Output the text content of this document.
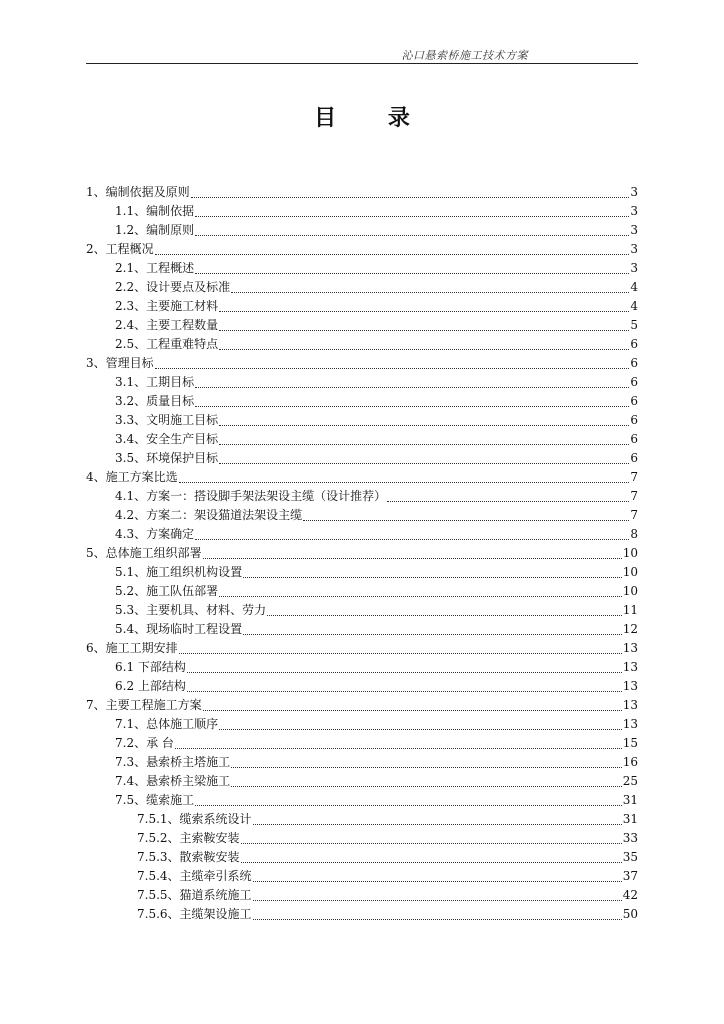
沁口悬索桥施工技术方案
目 录
1、编制依据及原则	3
1.1、编制依据	3
1.2、编制原则	3
2、工程概况	3
2.1、工程概述	3
2.2、设计要点及标准	4
2.3、主要施工材料	4
2.4、主要工程数量	5
2.5、工程重难特点	6
3、管理目标	6
3.1、工期目标	6
3.2、质量目标	6
3.3、文明施工目标	6
3.4、安全生产目标	6
3.5、环境保护目标	6
4、施工方案比选	7
4.1、方案一：搭设脚手架法架设主缆（设计推荐）	7
4.2、方案二：架设猫道法架设主缆	7
4.3、方案确定	8
5、总体施工组织部署	10
5.1、施工组织机构设置	10
5.2、施工队伍部署	10
5.3、主要机具、材料、劳力	11
5.4、现场临时工程设置	12
6、施工工期安排	13
6.1 下部结构	13
6.2 上部结构	13
7、主要工程施工方案	13
7.1、总体施工顺序	13
7.2、承 台	15
7.3、悬索桥主塔施工	16
7.4、悬索桥主梁施工	25
7.5、缆索施工	31
7.5.1、缆索系统设计	31
7.5.2、主索鞍安装	33
7.5.3、散索鞍安装	35
7.5.4、主缆牵引系统	37
7.5.5、猫道系统施工	42
7.5.6、主缆架设施工	50
